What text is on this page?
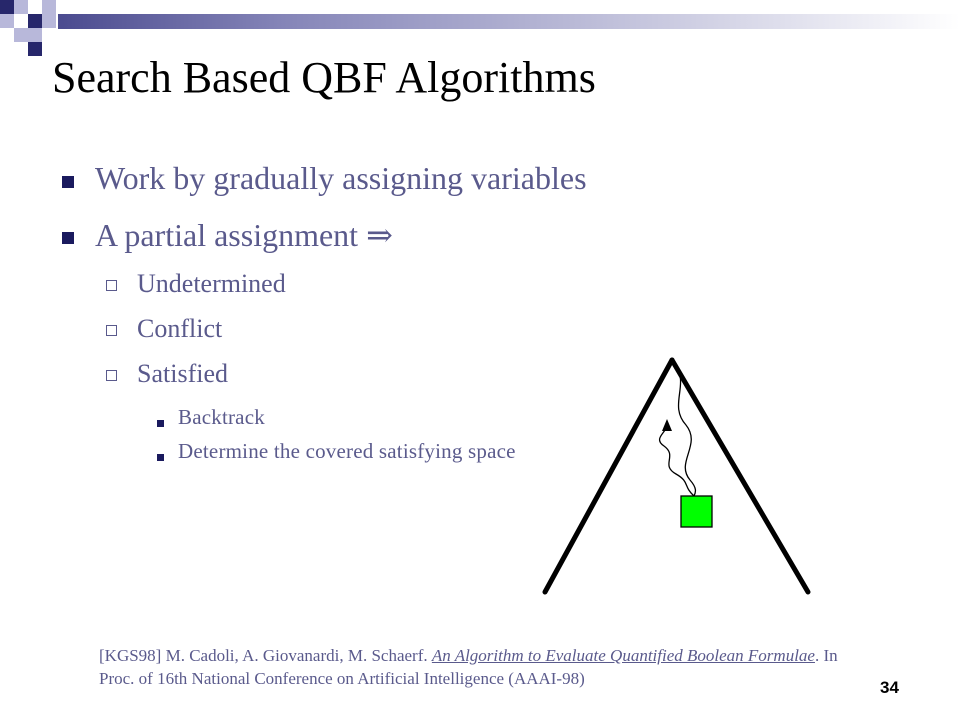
Search Based QBF Algorithms
Work by gradually assigning variables
A partial assignment ⇒
Undetermined
Conflict
Satisfied
Backtrack
Determine the covered satisfying space
[KGS98] M. Cadoli, A. Giovanardi, M. Schaerf. An Algorithm to Evaluate Quantified Boolean Formulae. In Proc. of 16th National Conference on Artificial Intelligence (AAAI-98)	34
